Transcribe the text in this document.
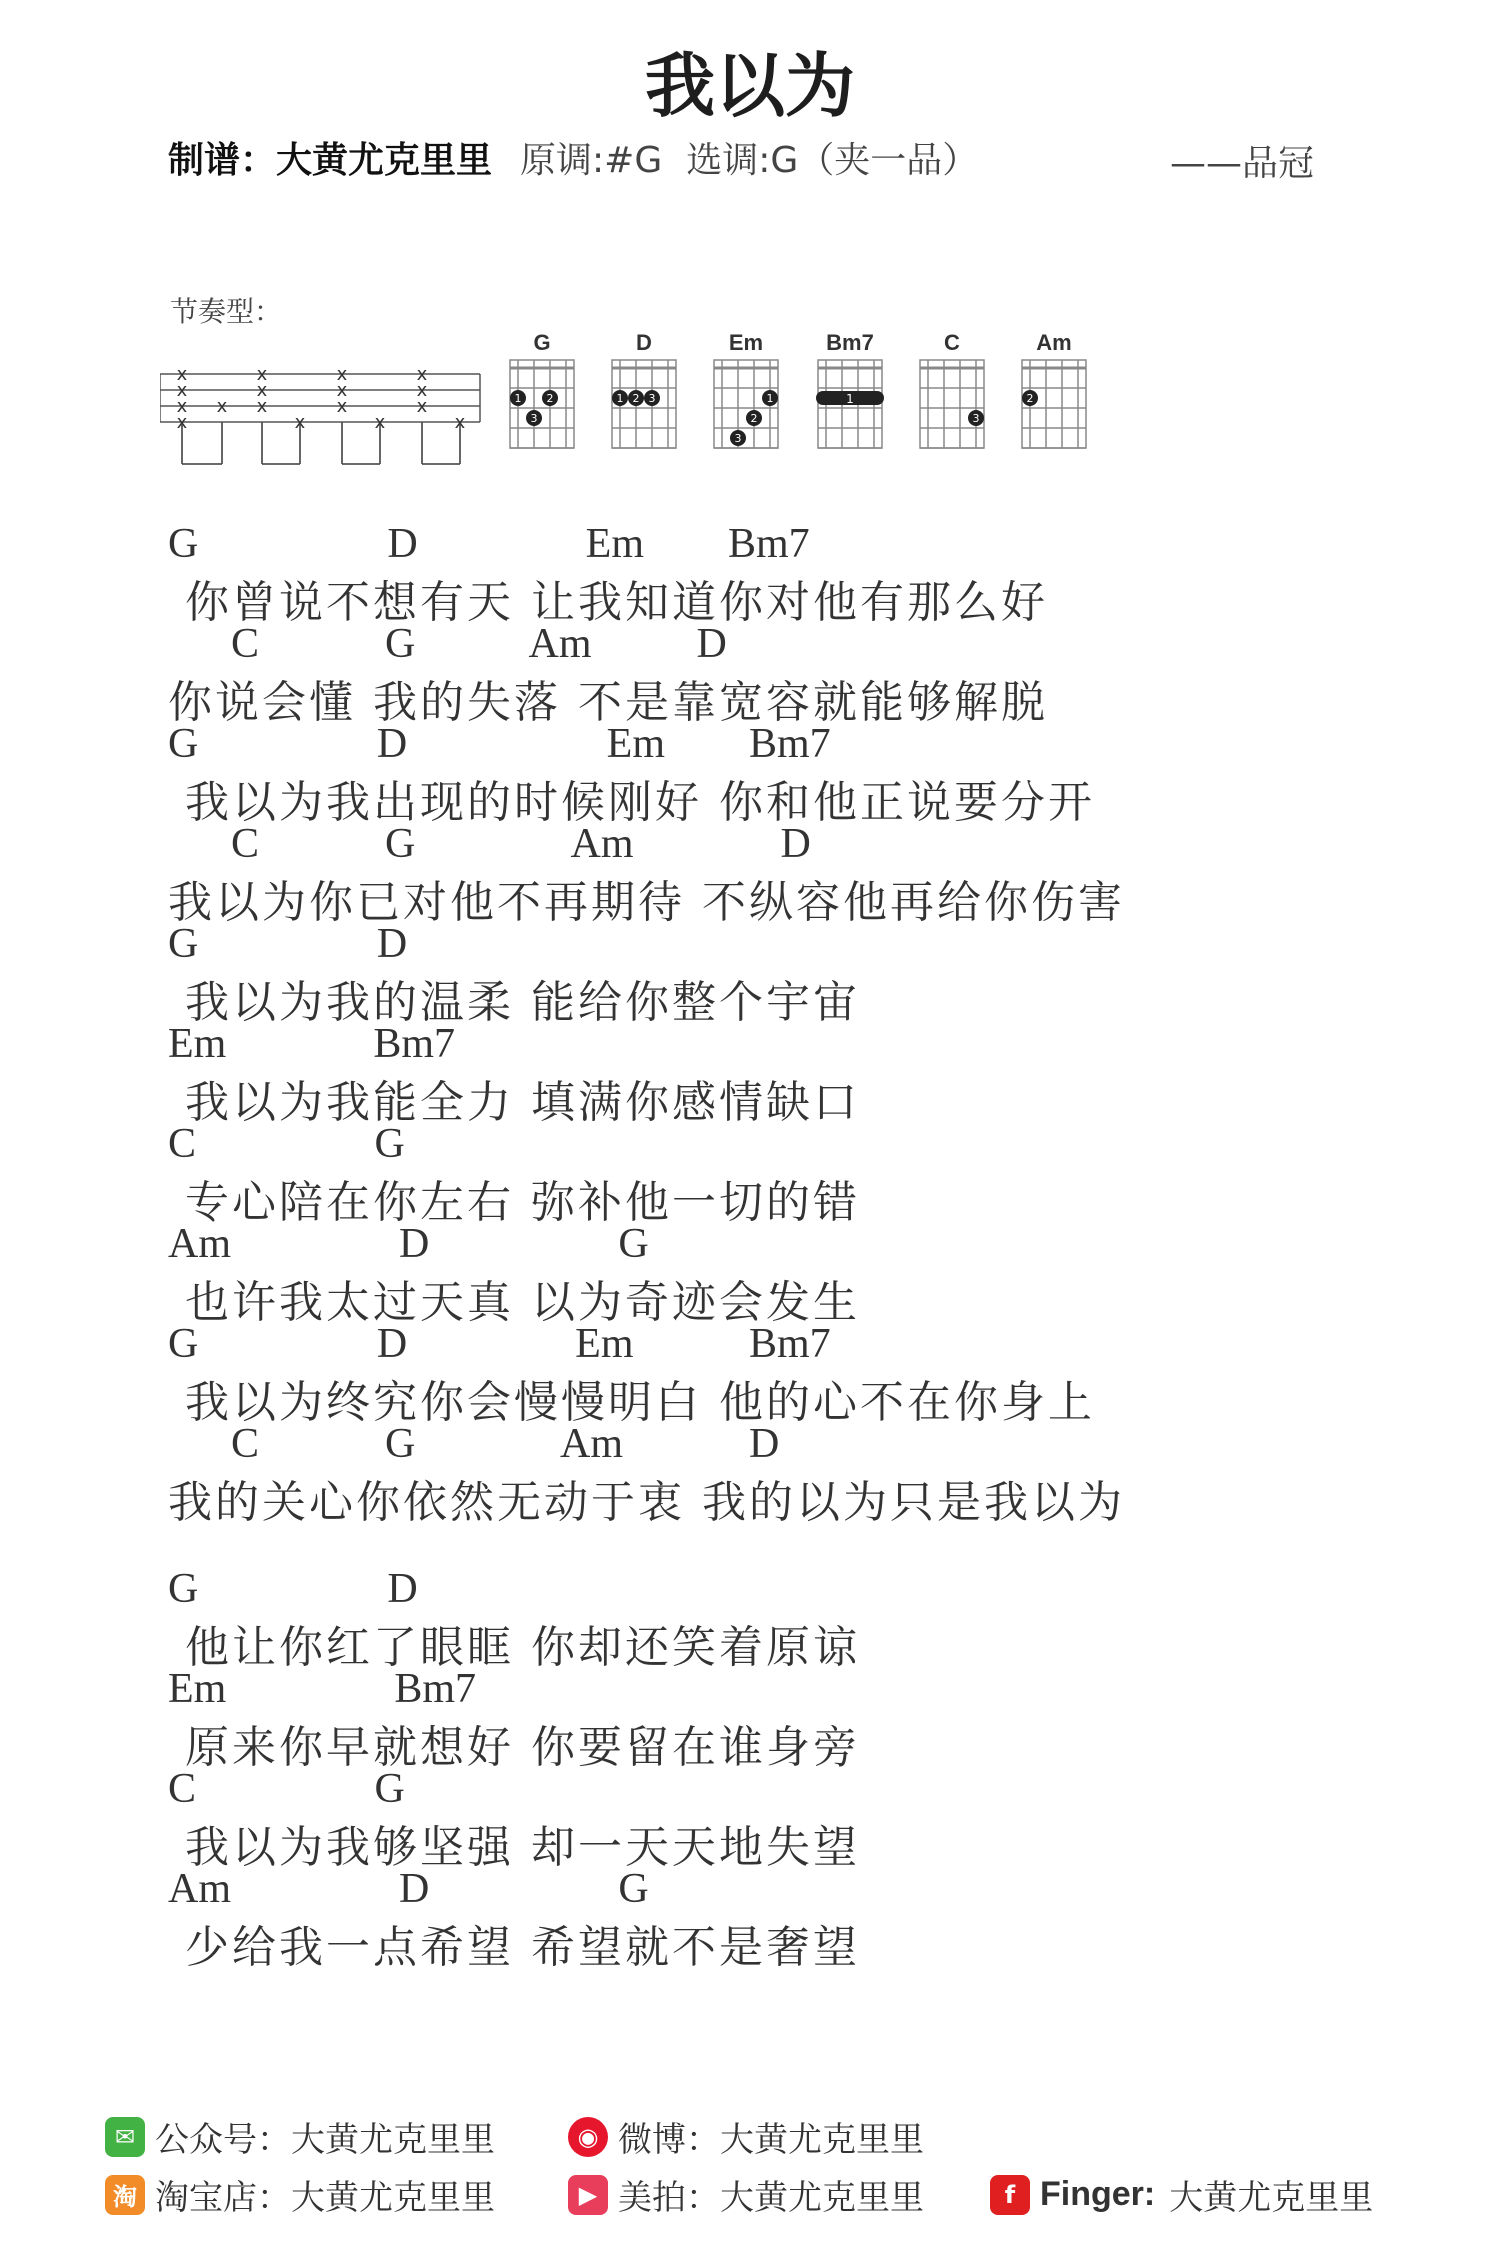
我以为
制谱： 大黄尤克里里 原调:#G 选调:G（夹一品）	——品冠
节奏型：
x
x
x
x
x
x
x
x
x
x
x
x
x
x
x
x
x
G
1 2
3
D
1 2 3
Em
1
2
3
Bm7
1
C
3
Am
2
G                  D                Em        Bm7
你曾说不想有天 让我知道你对他有那么好
C            G           Am          D
你说会懂 我的失落 不是靠宽容就能够解脱
G                 D                   Em        Bm7
我以为我出现的时候刚好 你和他正说要分开
C            G               Am              D
我以为你已对他不再期待 不纵容他再给你伤害
G                 D
我以为我的温柔 能给你整个宇宙
Em              Bm7
我以为我能全力 填满你感情缺口
C                 G
专心陪在你左右 弥补他一切的错
Am                D                  G
也许我太过天真 以为奇迹会发生
G                 D                Em           Bm7
我以为终究你会慢慢明白 他的心不在你身上
C            G              Am            D
我的关心你依然无动于衷 我的以为只是我以为
G                  D
他让你红了眼眶 你却还笑着原谅
Em                Bm7
原来你早就想好 你要留在谁身旁
C                 G
我以为我够坚强 却一天天地失望
Am                D                  G
少给我一点希望 希望就不是奢望
✉ 公众号：大黄尤克里里	◉ 微博：大黄尤克里里
淘 淘宝店：大黄尤克里里	▶ 美拍：大黄尤克里里	f Finger: 大黄尤克里里
